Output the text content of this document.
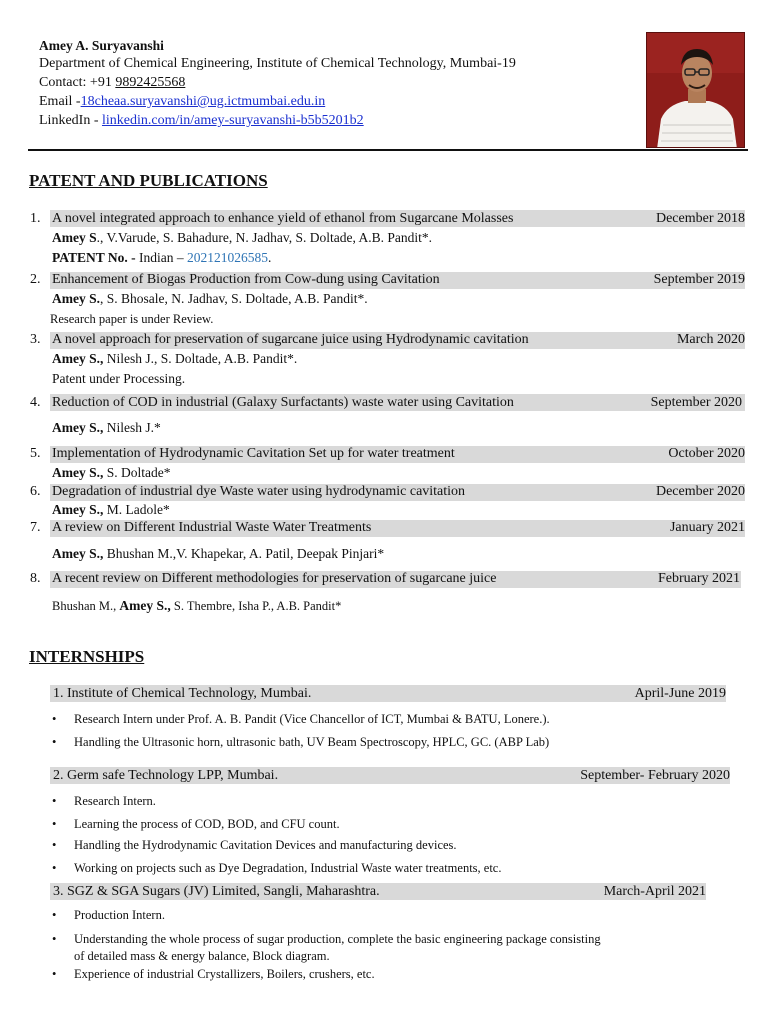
Amey A. Suryavanshi
Department of Chemical Engineering, Institute of Chemical Technology, Mumbai-19
Contact: +91 9892425568
Email -18cheaa.suryavanshi@ug.ictmumbai.edu.in
LinkedIn - linkedin.com/in/amey-suryavanshi-b5b5201b2
PATENT AND PUBLICATIONS
1. A novel integrated approach to enhance yield of ethanol from Sugarcane Molasses	December 2018
Amey S., V.Varude, S. Bahadure, N. Jadhav, S. Doltade, A.B. Pandit*.
PATENT No. - Indian – 202121026585.
2. Enhancement of Biogas Production from Cow-dung using Cavitation	September 2019
Amey S., S. Bhosale, N. Jadhav, S. Doltade, A.B. Pandit*.
Research paper is under Review.
3. A novel approach for preservation of sugarcane juice using Hydrodynamic cavitation	March 2020
Amey S., Nilesh J., S. Doltade, A.B. Pandit*.
Patent under Processing.
4. Reduction of COD in industrial (Galaxy Surfactants) waste water using Cavitation	September 2020
Amey S., Nilesh J.*
5. Implementation of Hydrodynamic Cavitation Set up for water treatment	October 2020
Amey S., S. Doltade*
6. Degradation of industrial dye Waste water using hydrodynamic cavitation	December 2020
Amey S., M. Ladole*
7. A review on Different Industrial Waste Water Treatments	January 2021
Amey S., Bhushan M.,V. Khapekar, A. Patil, Deepak Pinjari*
8. A recent review on Different methodologies for preservation of sugarcane juice	February 2021
Bhushan M., Amey S., S. Thembre, Isha P., A.B. Pandit*
INTERNSHIPS
1. Institute of Chemical Technology, Mumbai.	April-June 2019
• Research Intern under Prof. A. B. Pandit (Vice Chancellor of ICT, Mumbai & BATU, Lonere.).
• Handling the Ultrasonic horn, ultrasonic bath, UV Beam Spectroscopy, HPLC, GC. (ABP Lab)
2. Germ safe Technology LPP, Mumbai.	September- February 2020
• Research Intern.
• Learning the process of COD, BOD, and CFU count.
• Handling the Hydrodynamic Cavitation Devices and manufacturing devices.
• Working on projects such as Dye Degradation, Industrial Waste water treatments, etc.
3. SGZ & SGA Sugars (JV) Limited, Sangli, Maharashtra.	March-April 2021
• Production Intern.
• Understanding the whole process of sugar production, complete the basic engineering package consisting
of detailed mass & energy balance, Block diagram.
• Experience of industrial Crystallizers, Boilers, crushers, etc.
